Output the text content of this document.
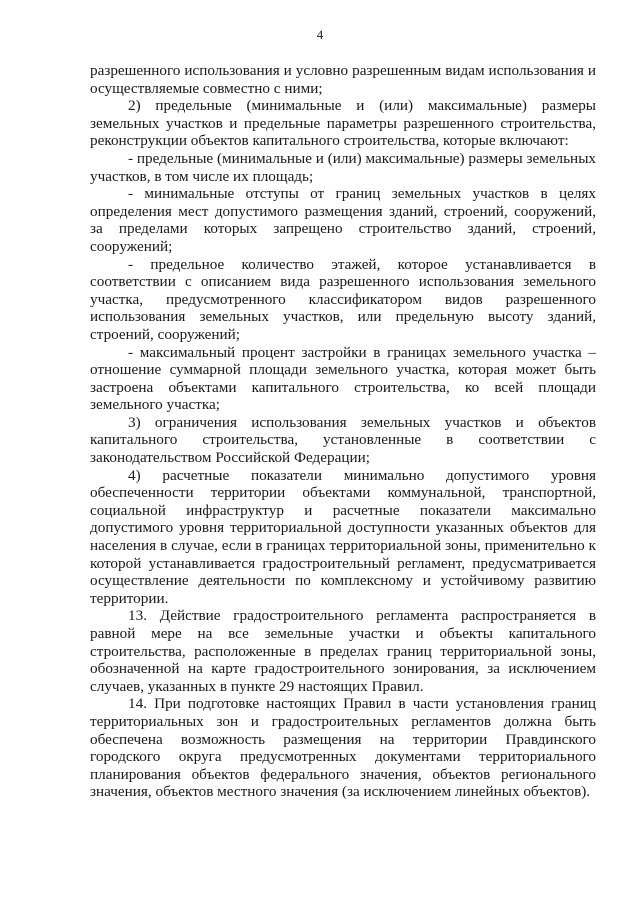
4

разрешенного использования и условно разрешенным видам использования и осуществляемые совместно с ними;

2) предельные (минимальные и (или) максимальные) размеры земельных участков и предельные параметры разрешенного строительства, реконструкции объектов капитального строительства, которые включают:

- предельные (минимальные и (или) максимальные) размеры земельных участков, в том числе их площадь;

- минимальные отступы от границ земельных участков в целях определения мест допустимого размещения зданий, строений, сооружений, за пределами которых запрещено строительство зданий, строений, сооружений;

- предельное количество этажей, которое устанавливается в соответствии с описанием вида разрешенного использования земельного участка, предусмотренного классификатором видов разрешенного использования земельных участков, или предельную высоту зданий, строений, сооружений;

- максимальный процент застройки в границах земельного участка – отношение суммарной площади земельного участка, которая может быть застроена объектами капитального строительства, ко всей площади земельного участка;

3) ограничения использования земельных участков и объектов капитального строительства, установленные в соответствии с законодательством Российской Федерации;

4) расчетные показатели минимально допустимого уровня обеспеченности территории объектами коммунальной, транспортной, социальной инфраструктур и расчетные показатели максимально допустимого уровня территориальной доступности указанных объектов для населения в случае, если в границах территориальной зоны, применительно к которой устанавливается градостроительный регламент, предусматривается осуществление деятельности по комплексному и устойчивому развитию территории.

13. Действие градостроительного регламента распространяется в равной мере на все земельные участки и объекты капитального строительства, расположенные в пределах границ территориальной зоны, обозначенной на карте градостроительного зонирования, за исключением случаев, указанных в пункте 29 настоящих Правил.

14. При подготовке настоящих Правил в части установления границ территориальных зон и градостроительных регламентов должна быть обеспечена возможность размещения на территории Правдинского городского округа предусмотренных документами территориального планирования объектов федерального значения, объектов регионального значения, объектов местного значения (за исключением линейных объектов).
